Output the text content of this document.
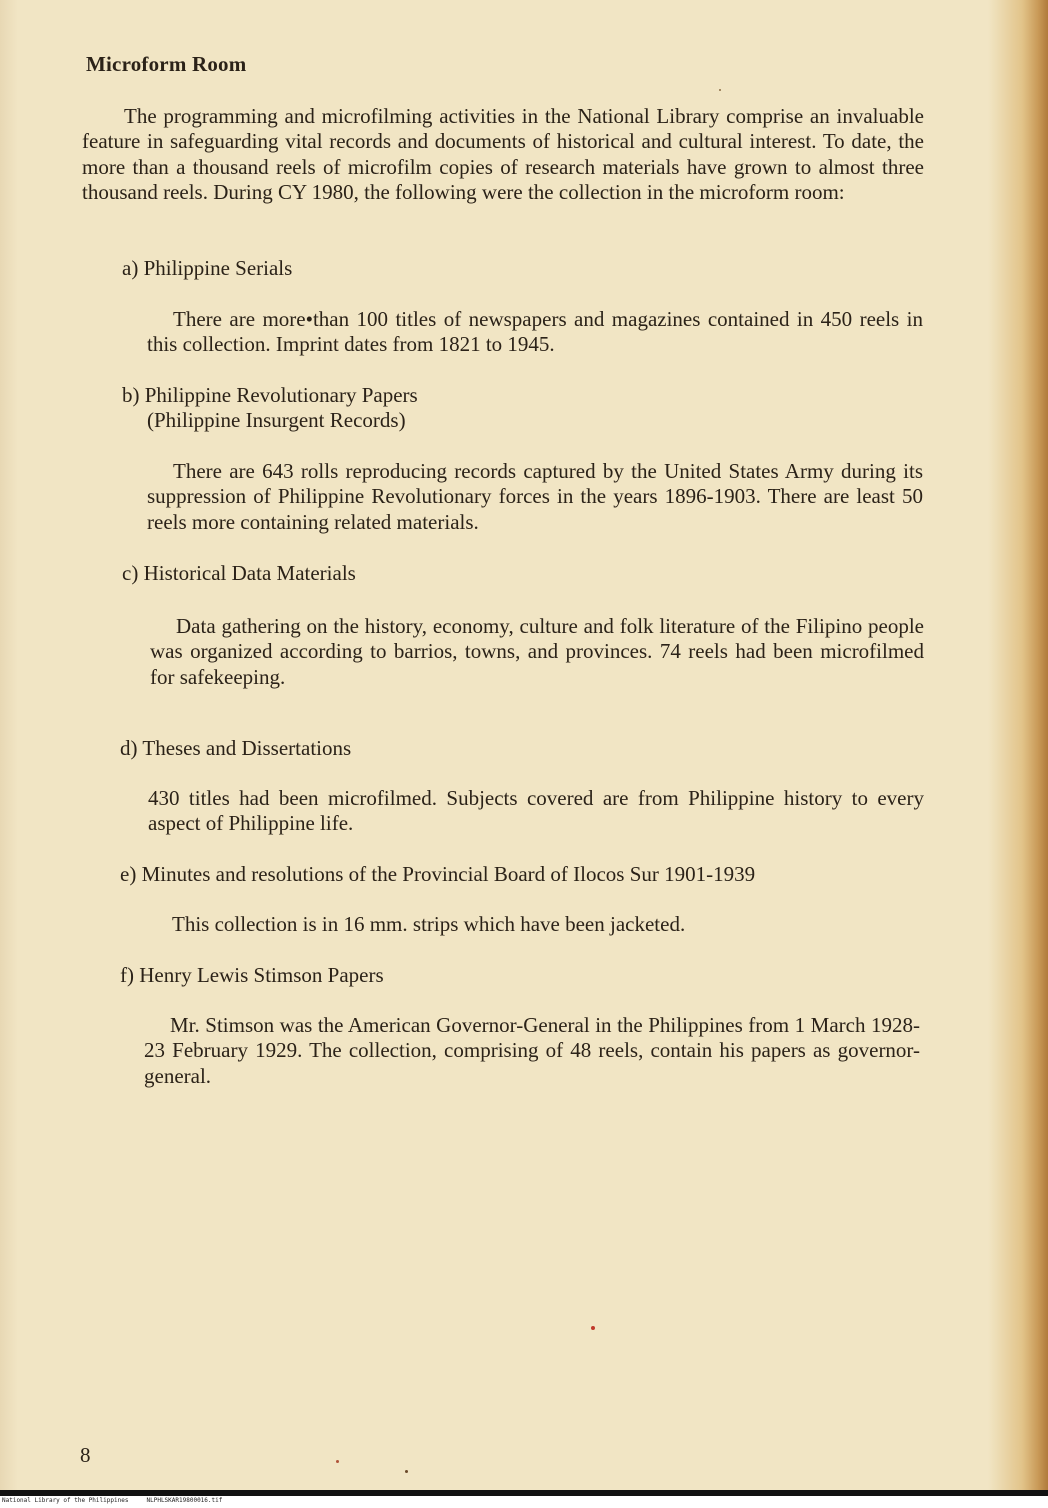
Microform Room

The programming and microfilming activities in the National Library comprise an invaluable feature in safeguarding vital records and documents of historical and cultural interest. To date, the more than a thousand reels of microfilm copies of research materials have grown to almost three thousand reels. During CY 1980, the following were the collection in the microform room:

a) Philippine Serials

There are more•than 100 titles of newspapers and magazines contained in 450 reels in this collection. Imprint dates from 1821 to 1945.

b) Philippine Revolutionary Papers
(Philippine Insurgent Records)

There are 643 rolls reproducing records captured by the United States Army during its suppression of Philippine Revolutionary forces in the years 1896-1903. There are least 50 reels more containing related materials.

c) Historical Data Materials

Data gathering on the history, economy, culture and folk literature of the Filipino people was organized according to barrios, towns, and provinces. 74 reels had been microfilmed for safekeeping.

d) Theses and Dissertations

430 titles had been microfilmed. Subjects covered are from Philippine history to every aspect of Philippine life.

e) Minutes and resolutions of the Provincial Board of Ilocos Sur 1901-1939

This collection is in 16 mm. strips which have been jacketed.

f) Henry Lewis Stimson Papers

Mr. Stimson was the American Governor-General in the Philippines from 1 March 1928-23 February 1929. The collection, comprising of 48 reels, contain his papers as governor-general.

8
National Library of the Philippines     NLPHLSKAR19800016.tif
